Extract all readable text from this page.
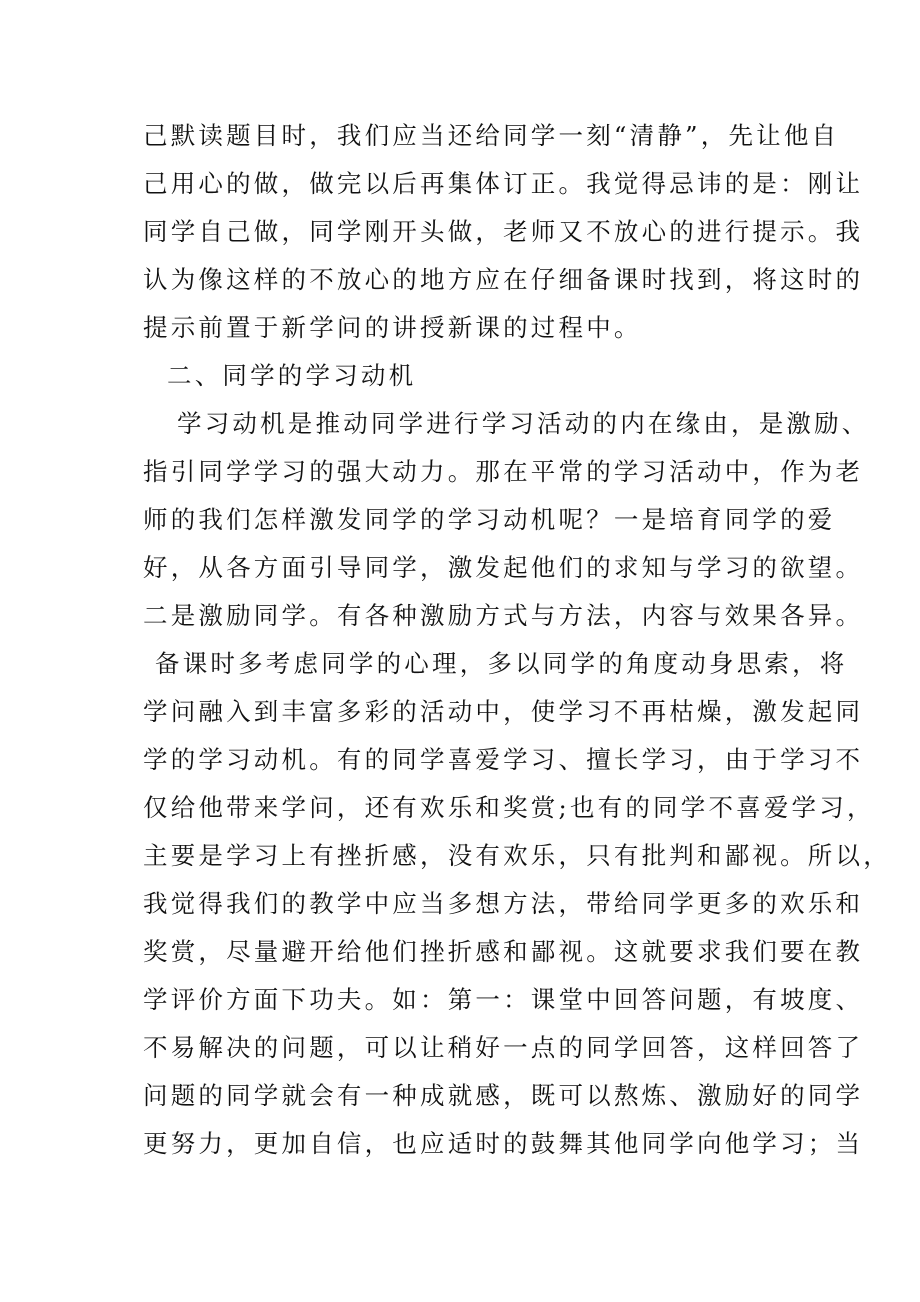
己默读题目时，我们应当还给同学一刻“清静”，先让他自
己用心的做，做完以后再集体订正。我觉得忌讳的是：刚让
同学自己做，同学刚开头做，老师又不放心的进行提示。我
认为像这样的不放心的地方应在仔细备课时找到，将这时的
提示前置于新学问的讲授新课的过程中。
二、同学的学习动机
学习动机是推动同学进行学习活动的内在缘由，是激励、
指引同学学习的强大动力。那在平常的学习活动中，作为老
师的我们怎样激发同学的学习动机呢？一是培育同学的爱
好，从各方面引导同学，激发起他们的求知与学习的欲望。
二是激励同学。有各种激励方式与方法，内容与效果各异。
备课时多考虑同学的心理，多以同学的角度动身思索，将
学问融入到丰富多彩的活动中，使学习不再枯燥，激发起同
学的学习动机。有的同学喜爱学习、擅长学习，由于学习不
仅给他带来学问，还有欢乐和奖赏;也有的同学不喜爱学习，
主要是学习上有挫折感，没有欢乐，只有批判和鄙视。所以，
我觉得我们的教学中应当多想方法，带给同学更多的欢乐和
奖赏，尽量避开给他们挫折感和鄙视。这就要求我们要在教
学评价方面下功夫。如：第一：课堂中回答问题，有坡度、
不易解决的问题，可以让稍好一点的同学回答，这样回答了
问题的同学就会有一种成就感，既可以熬炼、激励好的同学
更努力，更加自信，也应适时的鼓舞其他同学向他学习；当
